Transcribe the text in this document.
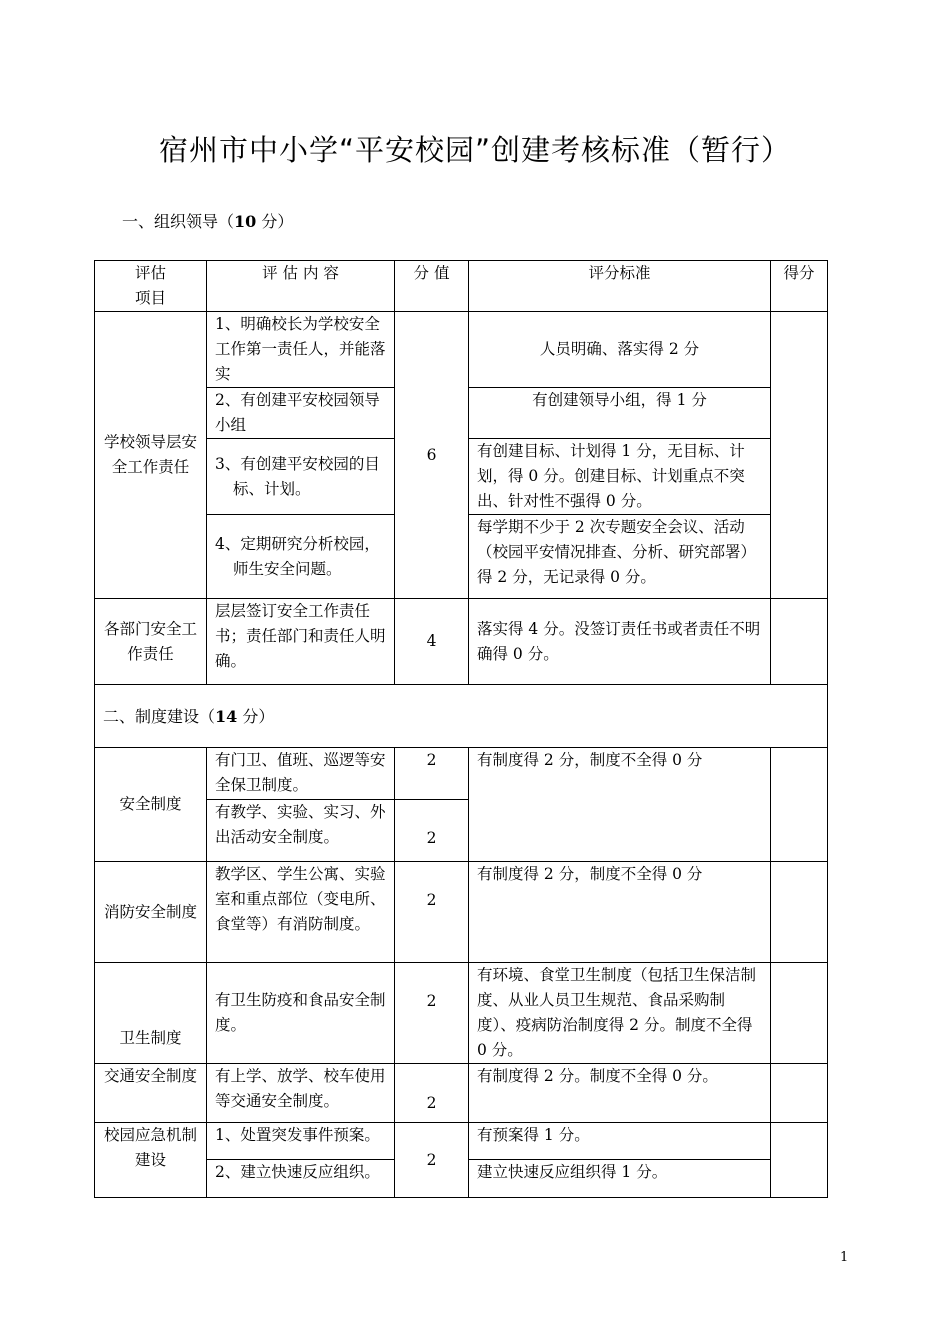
宿州市中小学“平安校园”创建考核标准（暂行）
一、组织领导（10 分）
评估
项目	评 估 内 容	分 值	评分标准	得分
学校领导层安全工作责任	1、明确校长为学校安全工作第一责任人，并能落实	6	人员明确、落实得 2 分	
	2、有创建平安校园领导小组		有创建领导小组，得 1 分	
	3、有创建平安校园的目标、计划。		有创建目标、计划得 1 分，无目标、计划，得 0 分。创建目标、计划重点不突出、针对性不强得 0 分。	
	4、定期研究分析校园，师生安全问题。		每学期不少于 2 次专题安全会议、活动（校园平安情况排查、分析、研究部署）得 2 分，无记录得 0 分。	
各部门安全工作责任	层层签订安全工作责任书；责任部门和责任人明确。	4	落实得 4 分。没签订责任书或者责任不明确得 0 分。	
二、制度建设（14 分）				
安全制度	有门卫、值班、巡逻等安全保卫制度。	2	有制度得 2 分，制度不全得 0 分	
	有教学、实验、实习、外出活动安全制度。	2		
消防安全制度	教学区、学生公寓、实验室和重点部位（变电所、食堂等）有消防制度。	2	有制度得 2 分，制度不全得 0 分	
卫生制度	有卫生防疫和食品安全制度。	2	有环境、食堂卫生制度（包括卫生保洁制度、从业人员卫生规范、食品采购制度）、疫病防治制度得 2 分。制度不全得 0 分。	
交通安全制度	有上学、放学、校车使用等交通安全制度。	2	有制度得 2 分。制度不全得 0 分。	
校园应急机制建设	1、处置突发事件预案。	2	有预案得 1 分。	
	2、建立快速反应组织。		建立快速反应组织得 1 分。	
1
